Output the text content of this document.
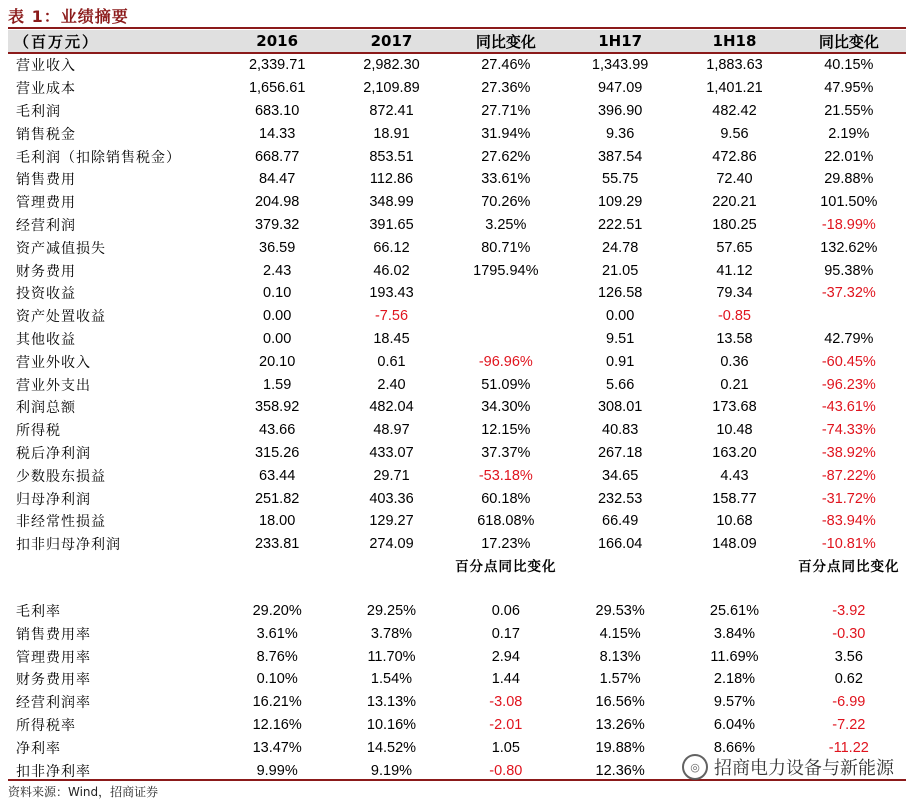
表 1：业绩摘要
（百万元）	2016	2017	同比变化	1H17	1H18	同比变化
营业收入	2,339.71	2,982.30	27.46%	1,343.99	1,883.63	40.15%
营业成本	1,656.61	2,109.89	27.36%	947.09	1,401.21	47.95%
毛利润	683.10	872.41	27.71%	396.90	482.42	21.55%
销售税金	14.33	18.91	31.94%	9.36	9.56	2.19%
毛利润（扣除销售税金）	668.77	853.51	27.62%	387.54	472.86	22.01%
销售费用	84.47	112.86	33.61%	55.75	72.40	29.88%
管理费用	204.98	348.99	70.26%	109.29	220.21	101.50%
经营利润	379.32	391.65	3.25%	222.51	180.25	-18.99%
资产减值损失	36.59	66.12	80.71%	24.78	57.65	132.62%
财务费用	2.43	46.02	1795.94%	21.05	41.12	95.38%
投资收益	0.10	193.43		126.58	79.34	-37.32%
资产处置收益	0.00	-7.56		0.00	-0.85	
其他收益	0.00	18.45		9.51	13.58	42.79%
营业外收入	20.10	0.61	-96.96%	0.91	0.36	-60.45%
营业外支出	1.59	2.40	51.09%	5.66	0.21	-96.23%
利润总额	358.92	482.04	34.30%	308.01	173.68	-43.61%
所得税	43.66	48.97	12.15%	40.83	10.48	-74.33%
税后净利润	315.26	433.07	37.37%	267.18	163.20	-38.92%
少数股东损益	63.44	29.71	-53.18%	34.65	4.43	-87.22%
归母净利润	251.82	403.36	60.18%	232.53	158.77	-31.72%
非经常性损益	18.00	129.27	618.08%	66.49	10.68	-83.94%
扣非归母净利润	233.81	274.09	17.23%	166.04	148.09	-10.81%
			百分点同比变化			百分点同比变化
毛利率	29.20%	29.25%	0.06	29.53%	25.61%	-3.92
销售费用率	3.61%	3.78%	0.17	4.15%	3.84%	-0.30
管理费用率	8.76%	11.70%	2.94	8.13%	11.69%	3.56
财务费用率	0.10%	1.54%	1.44	1.57%	2.18%	0.62
经营利润率	16.21%	13.13%	-3.08	16.56%	9.57%	-6.99
所得税率	12.16%	10.16%	-2.01	13.26%	6.04%	-7.22
净利率	13.47%	14.52%	1.05	19.88%	8.66%	-11.22
扣非净利率	9.99%	9.19%	-0.80	12.36%		
资料来源：Wind，招商证券
◎ 招商电力设备与新能源
